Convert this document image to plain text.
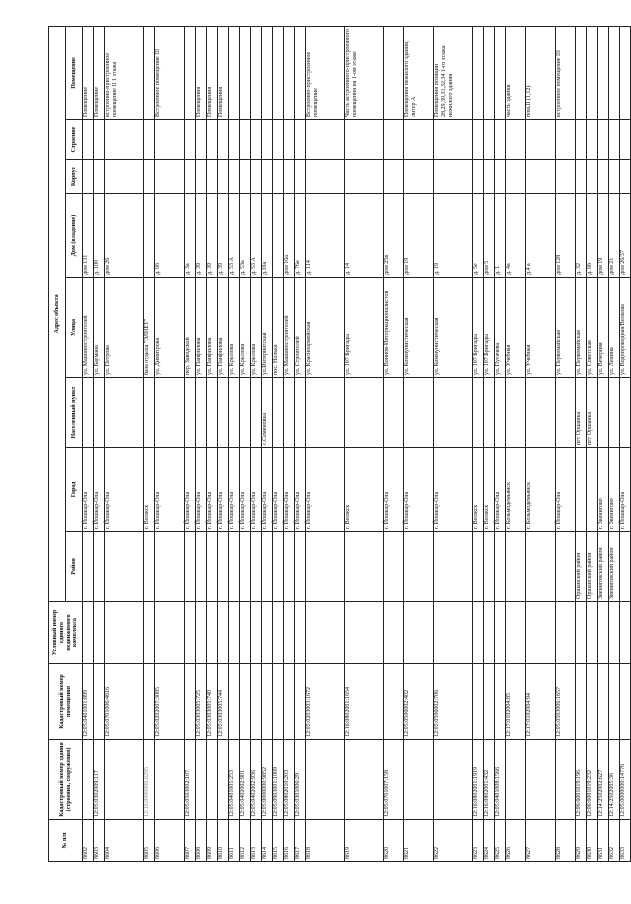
№ п/п	Кадастровый номер здания (строения, сооружения)	Кадастровый номер помещения	Условный номер единого недвижимого комплекса	Адрес объекта							
				Район	Город	Населенный пункт	Улица	Дом (владение)	Корпус	Строение	Помещение
8602		12:05:0401001:899			г. Йошкар-Ола		ул. Машиностроителей	дом 131			Помещение
8603	12:05:0302009:117				г. Йошкар-Ола		ул. Баумана	д. 100			Помещение
8604		12:05:0701006:4616			г. Йошкар-Ола		ул. Петрова	дом 26			встроенно-пристроенное помещение II 1 этажа
8605	12:16:0000000:6295				г. Волжск		база отдыха "ЭЛНЕТ"				
8606		12:05:0202007:3085			г. Йошкар-Ола		ул. Димитрова	д. 66			Встроенное помещение III
8607	12:05:0503002:107				г. Йошкар-Ола		пер. Заводской	д. 3а			
8608		12:05:0303005:725			г. Йошкар-Ола		ул. Панфилова	д. 39			Помещения
8609		12:05:0303005:740			г. Йошкар-Ола		ул. Панфилова	д. 39			Помещения
8610		12:05:0303005:744			г. Йошкар-Ола		ул. Панфилова	д. 39			Помещения
8611	12:05:0401001:253				г. Йошкар-Ола		ул. Крылова	д. 53 А			
8612	12:05:0402002:901				г. Йошкар-Ола		ул. Крылова	д. 53а			
8613	12:05:0402002:936				г. Йошкар-Ола		ул. Крылова	д. 53 А			
8614	12:05:0000000:9852				г. Йошкар-Ола	с.Семеновка	ул.Интернатская	д.10а			
8615	12:05:0903001:1009				г. Йошкар-Ола		пос. Нолька				
8616	12:05:0802010:203				г. Йошкар-Ола		ул. Машиностроителей	дом 16а			
8617	12:05:0301006:29				г. Йошкар-Ола		ул. Строителей	д. 76а			
8618		12:05:0203003:1672			г. Йошкар-Ола		ул. Красноармейская	д. 114			Встроенно-пристроенное помещение
8619		12:16:0802001:1654			г. Волжск		ул. 107 Бригады	д. 14			Часть встроенного-пристроенного помещения на 1-ом этаже
8620	12:05:0701007:158				г. Йошкар-Ола		ул. Воинов-Интернационалистов	дом 25в			
8621		12:05:0506002:402			г. Йошкар-Ола		ул. Коммунистическая	дом 19			Помещения нежилого здания, литер А
8622		12:05:0506002:706			г. Йошкар-Ола		ул. Коммунистическая	д. 19			Помещения позиции 28,29,30,31,32,34 1-го этажа нежилого здания
8623	12:16:0802001:1919				г. Волжск		ул. 107 Бригады	д. 5е			
8624	12:16:0802001:432				г. Волжск		ул. 107 Бригады	дом 5			
8625	12:05:0401008:1566				г. Йошкар-Ола		ул. Пугачева	д. 1			
8626		12:17:0102004:85			г. Козьмодемьянск		ул. Учебная	д. 4а			часть здания
8627		12:17:0102004:94			г. Козьмодемьянск		ул. Учебная	д.4 а			пом.II (1,12)
8628		12:05:0503006:1657			г. Йошкар-Ола		ул. Первомайская	дом 128			встроенное помещение III
8629	12:06:6001019:196			Оршанский район		пгт Оршанка	ул. Первомайская	д. 32			
8630	12:06:6001019:232			Оршанский район		пгт Оршанка	ул. Советская	д. 6б			
8631	12:14:2502002:627			Звениговский район	г. Звенигово		ул. Вечерняя	дом 19			
8632	12:14:2502005:36			Звениговский район	г. Звенигово		ул. Ленина	дом 21			
8633	12:05:0000000:14776				г. Йошкар-Ола		ул. Водопроводная/Волкова	дом 26/37			
